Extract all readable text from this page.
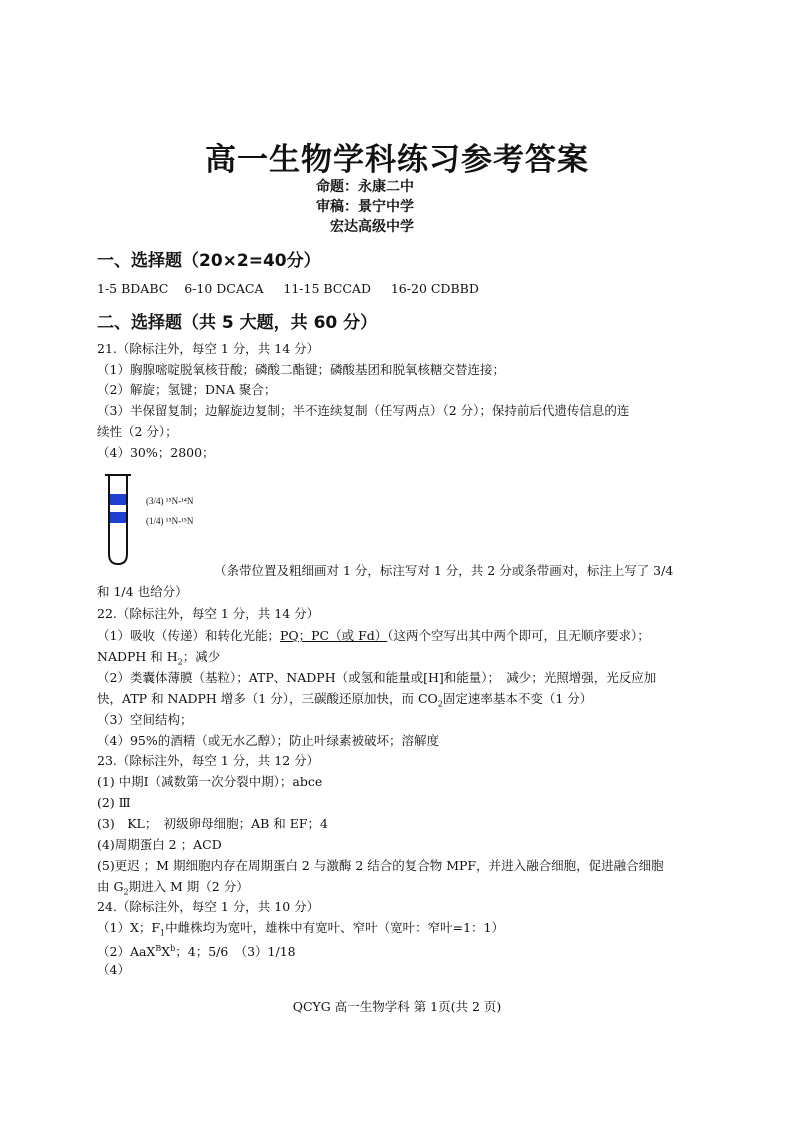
高一生物学科练习参考答案
命题：永康二中
审稿：景宁中学
宏达高级中学
一、选择题（20×2=40分）
1-5 BDABC 6-10 DCACA 11-15 BCCAD 16-20 CDBBD
二、选择题（共 5 大题，共 60 分）
21.（除标注外，每空 1 分，共 14 分）
（1）胸腺嘧啶脱氧核苷酸；磷酸二酯键；磷酸基团和脱氧核糖交替连接；
（2）解旋；氢键；DNA 聚合；
（3）半保留复制；边解旋边复制；半不连续复制（任写两点）（2 分）；保持前后代遗传信息的连
续性（2 分）；
（4）30%；2800；
(3/4) ¹⁵N-¹⁴N
(1/4) ¹⁵N-¹⁵N
（条带位置及粗细画对 1 分，标注写对 1 分，共 2 分或条带画对，标注上写了 3/4
和 1/4 也给分）
22.（除标注外，每空 1 分，共 14 分）
（1）吸收（传递）和转化光能；PQ；PC（或 Fd）（这两个空写出其中两个即可，且无顺序要求）；
NADPH 和 $H_2$；减少
（2）类囊体薄膜（基粒）；ATP、NADPH（或氢和能量或[H]和能量）；　减少；光照增强，光反应加
快，ATP 和 NADPH 增多（1 分），三碳酸还原加快，而 $CO_2$固定速率基本不变（1 分）
（3）空间结构；
（4）95%的酒精（或无水乙醇）；防止叶绿素被破坏；溶解度
23.（除标注外，每空 1 分，共 12 分）
(1) 中期Ⅰ（减数第一次分裂中期）；abce
(2) Ⅲ
(3)　KL；　初级卵母细胞；AB 和 EF；4
(4)周期蛋白 2 ；ACD
(5)更迟 ；M 期细胞内存在周期蛋白 2 与激酶 2 结合的复合物 MPF，并进入融合细胞，促进融合细胞
由 $G_2$期进入 M 期（2 分）
24.（除标注外，每空 1 分，共 10 分）
（1）X；$F_1$中雌株均为宽叶，雄株中有宽叶、窄叶（宽叶：窄叶=1：1）
$(2)AaX^BX^b$；4；5/6　（3）1/18
（4）
QCYG 高一生物学科 第 1页(共 2 页)
